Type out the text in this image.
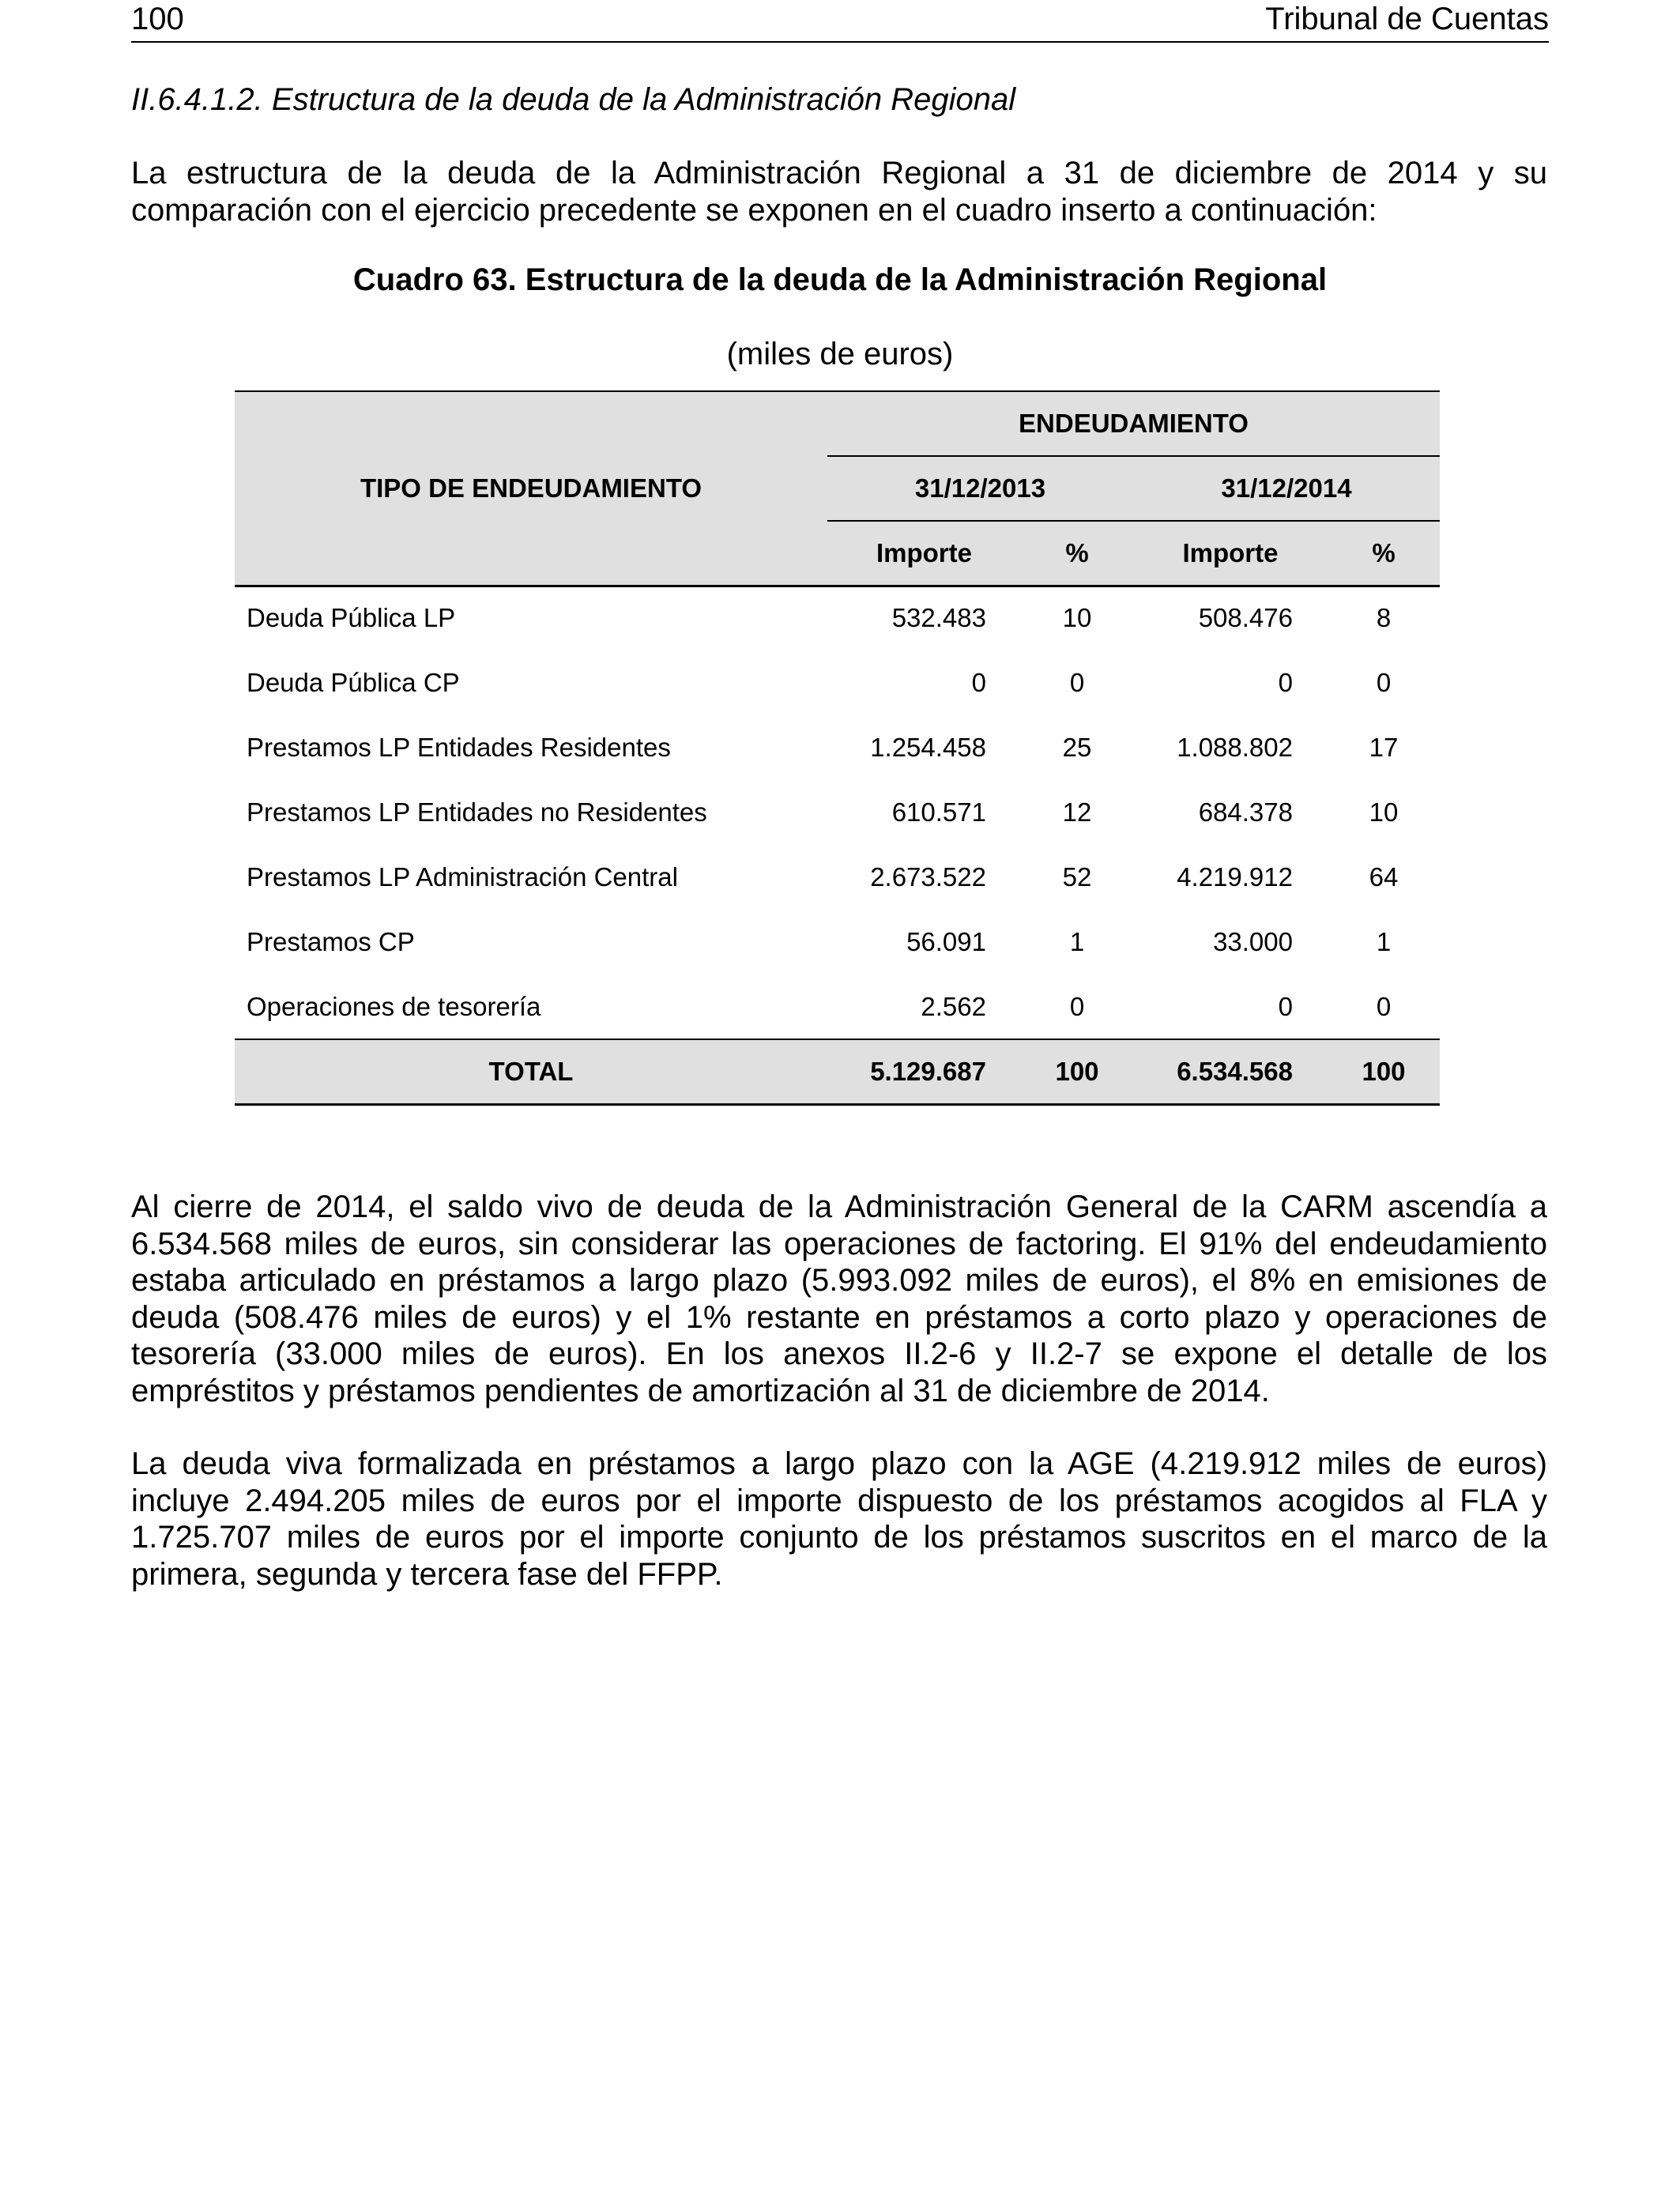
100	Tribunal de Cuentas
II.6.4.1.2. Estructura de la deuda de la Administración Regional

La estructura de la deuda de la Administración Regional a 31 de diciembre de 2014 y su comparación con el ejercicio precedente se exponen en el cuadro inserto a continuación:

Cuadro 63. Estructura de la deuda de la Administración Regional
(miles de euros)
TIPO DE ENDEUDAMIENTO	ENDEUDAMIENTO			
	31/12/2013		31/12/2014	
	Importe	%	Importe	%
Deuda Pública LP	532.483	10	508.476	8
Deuda Pública CP	0	0	0	0
Prestamos LP Entidades Residentes	1.254.458	25	1.088.802	17
Prestamos LP Entidades no Residentes	610.571	12	684.378	10
Prestamos LP Administración Central	2.673.522	52	4.219.912	64
Prestamos CP	56.091	1	33.000	1
Operaciones de tesorería	2.562	0	0	0
TOTAL	5.129.687	100	6.534.568	100

Al cierre de 2014, el saldo vivo de deuda de la Administración General de la CARM ascendía a 6.534.568 miles de euros, sin considerar las operaciones de factoring. El 91% del endeudamiento estaba articulado en préstamos a largo plazo (5.993.092 miles de euros), el 8% en emisiones de deuda (508.476 miles de euros) y el 1% restante en préstamos a corto plazo y operaciones de tesorería (33.000 miles de euros). En los anexos II.2-6 y II.2-7 se expone el detalle de los empréstitos y préstamos pendientes de amortización al 31 de diciembre de 2014.

La deuda viva formalizada en préstamos a largo plazo con la AGE (4.219.912 miles de euros) incluye 2.494.205 miles de euros por el importe dispuesto de los préstamos acogidos al FLA y 1.725.707 miles de euros por el importe conjunto de los préstamos suscritos en el marco de la primera, segunda y tercera fase del FFPP.
